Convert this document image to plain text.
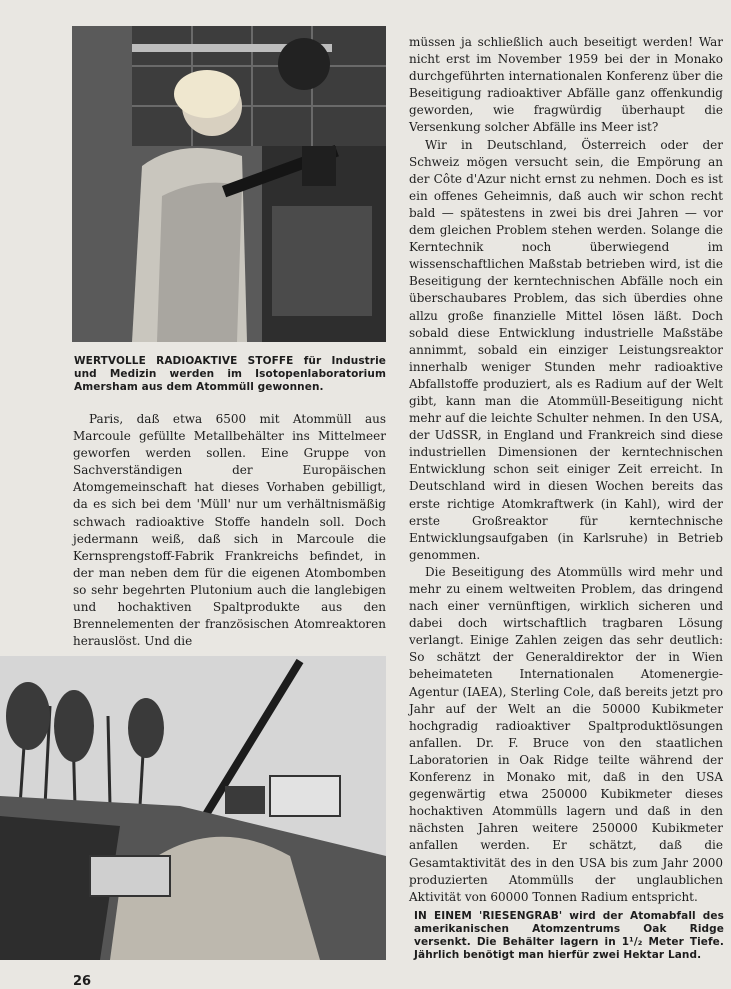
WERTVOLLE RADIOAKTIVE STOFFE für Industrie und Medizin werden im Isotopenlaboratorium Amersham aus dem Atommüll gewonnen.

Paris, daß etwa 6500 mit Atommüll aus Marcoule gefüllte Metallbehälter ins Mittelmeer geworfen werden sollen. Eine Gruppe von Sachverständigen der Europäischen Atomgemeinschaft hat dieses Vorhaben gebilligt, da es sich bei dem 'Müll' nur um verhältnismäßig schwach radioaktive Stoffe handeln soll. Doch jedermann weiß, daß sich in Marcoule die Kernsprengstoff-Fabrik Frankreichs befindet, in der man neben dem für die eigenen Atombomben so sehr begehrten Plutonium auch die langlebigen und hochaktiven Spaltprodukte aus den Brennelementen der französischen Atomreaktoren herauslöst. Und die

müssen ja schließlich auch beseitigt werden! War nicht erst im November 1959 bei der in Monako durchgeführten internationalen Konferenz über die Beseitigung radioaktiver Abfälle ganz offenkundig geworden, wie fragwürdig überhaupt die Versenkung solcher Abfälle ins Meer ist?

Wir in Deutschland, Österreich oder der Schweiz mögen versucht sein, die Empörung an der Côte d'Azur nicht ernst zu nehmen. Doch es ist ein offenes Geheimnis, daß auch wir schon recht bald — spätestens in zwei bis drei Jahren — vor dem gleichen Problem stehen werden. Solange die Kerntechnik noch überwiegend im wissenschaftlichen Maßstab betrieben wird, ist die Beseitigung der kerntechnischen Abfälle noch ein überschaubares Problem, das sich überdies ohne allzu große finanzielle Mittel lösen läßt. Doch sobald diese Entwicklung industrielle Maßstäbe annimmt, sobald ein einziger Leistungsreaktor innerhalb weniger Stunden mehr radioaktive Abfallstoffe produziert, als es Radium auf der Welt gibt, kann man die Atommüll-Beseitigung nicht mehr auf die leichte Schulter nehmen. In den USA, der UdSSR, in England und Frankreich sind diese industriellen Dimensionen der kerntechnischen Entwicklung schon seit einiger Zeit erreicht. In Deutschland wird in diesen Wochen bereits das erste richtige Atomkraftwerk (in Kahl), wird der erste Großreaktor für kerntechnische Entwicklungsaufgaben (in Karlsruhe) in Betrieb genommen.

Die Beseitigung des Atommülls wird mehr und mehr zu einem weltweiten Problem, das dringend nach einer vernünftigen, wirklich sicheren und dabei doch wirtschaftlich tragbaren Lösung verlangt. Einige Zahlen zeigen das sehr deutlich: So schätzt der Generaldirektor der in Wien beheimateten Internationalen Atomenergie-Agentur (IAEA), Sterling Cole, daß bereits jetzt pro Jahr auf der Welt an die 50000 Kubikmeter hochgradig radioaktiver Spaltproduktlösungen anfallen. Dr. F. Bruce von den staatlichen Laboratorien in Oak Ridge teilte während der Konferenz in Monako mit, daß in den USA gegenwärtig etwa 250000 Kubikmeter dieses hochaktiven Atommülls lagern und daß in den nächsten Jahren weitere 250000 Kubikmeter anfallen werden. Er schätzt, daß die Gesamtaktivität des in den USA bis zum Jahr 2000 produzierten Atommülls der unglaublichen Aktivität von 60000 Tonnen Radium entspricht.

IN EINEM 'RIESENGRAB' wird der Atomabfall des amerikanischen Atomzentrums Oak Ridge versenkt. Die Behälter lagern in 1¹/₂ Meter Tiefe. Jährlich benötigt man hierfür zwei Hektar Land.
26
